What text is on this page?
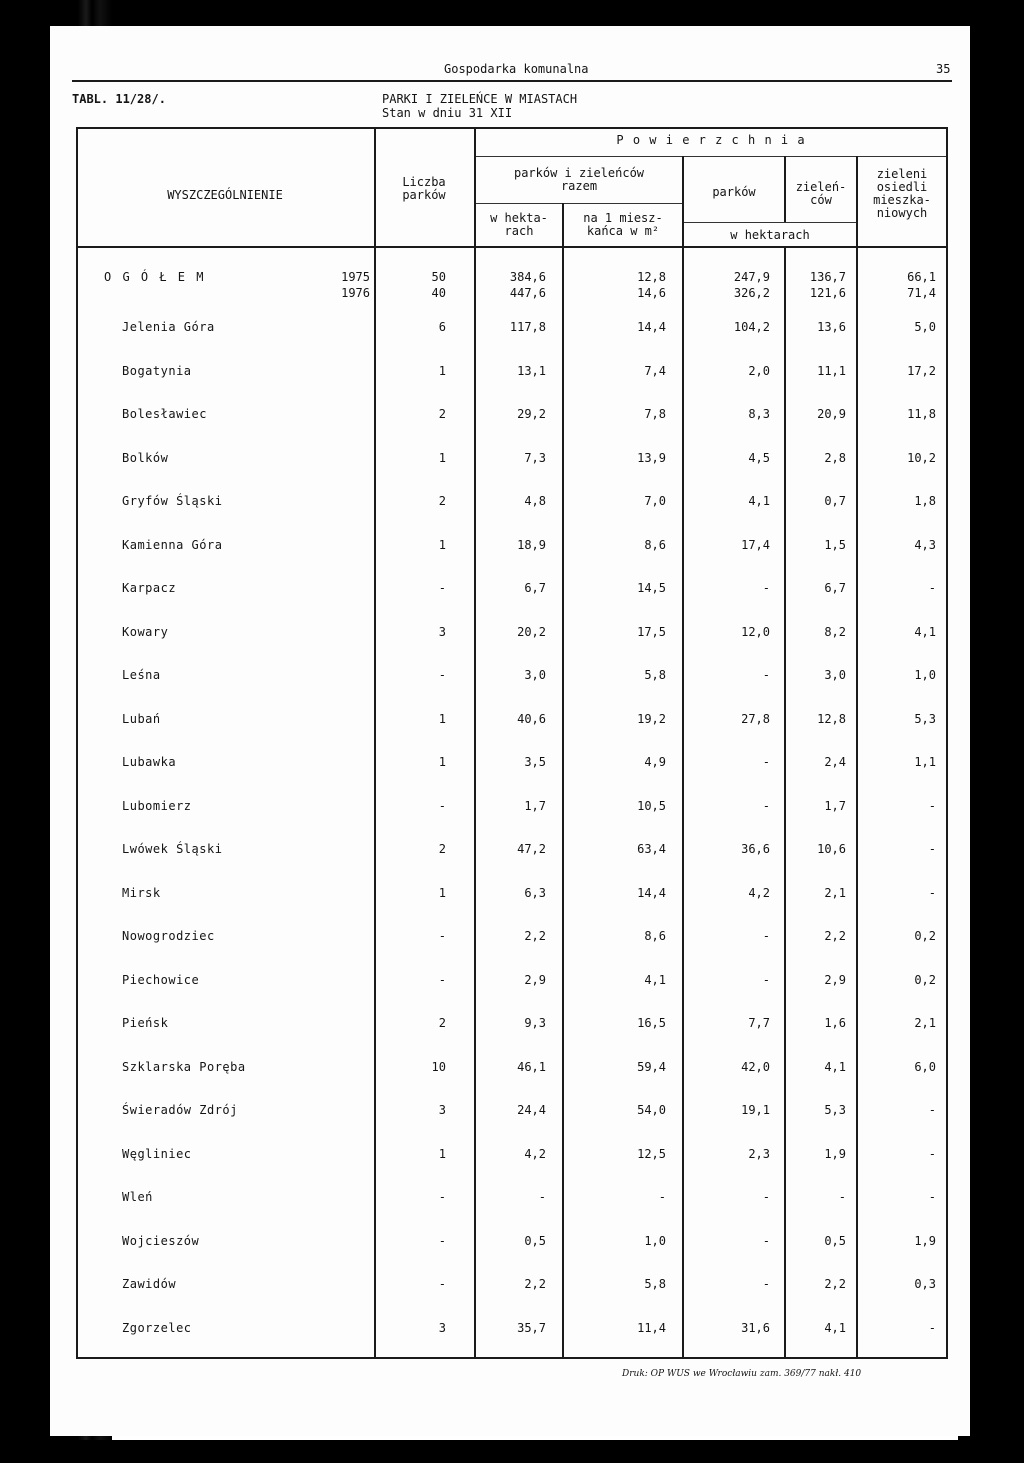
Gospodarka komunalna	35
TABL. 11/28/.	PARKI I ZIELEŃCE W MIASTACH
Stan w dniu 31 XII
WYSZCZEGÓLNIENIE
Liczba
parków
P o w i e r z c h n i a
parków i zieleńców
razem
w hekta-
rach
na 1 miesz-
kańca w m²
parków	zieleń-
ców
zieleni
osiedli
mieszka-
niowych
w hektarach
O G Ó Ł E M	1975	50	384,6	12,8	247,9	136,7	66,1
1976	40	447,6	14,6	326,2	121,6	71,4
Jelenia Góra	6	117,8	14,4	104,2	13,6	5,0
Bogatynia	1	13,1	7,4	2,0	11,1	17,2
Bolesławiec	2	29,2	7,8	8,3	20,9	11,8
Bolków	1	7,3	13,9	4,5	2,8	10,2
Gryfów Śląski	2	4,8	7,0	4,1	0,7	1,8
Kamienna Góra	1	18,9	8,6	17,4	1,5	4,3
Karpacz	-	6,7	14,5	-	6,7	-
Kowary	3	20,2	17,5	12,0	8,2	4,1
Leśna	-	3,0	5,8	-	3,0	1,0
Lubań	1	40,6	19,2	27,8	12,8	5,3
Lubawka	1	3,5	4,9	-	2,4	1,1
Lubomierz	-	1,7	10,5	-	1,7	-
Lwówek Śląski	2	47,2	63,4	36,6	10,6	-
Mirsk	1	6,3	14,4	4,2	2,1	-
Nowogrodziec	-	2,2	8,6	-	2,2	0,2
Piechowice	-	2,9	4,1	-	2,9	0,2
Pieńsk	2	9,3	16,5	7,7	1,6	2,1
Szklarska Poręba	10	46,1	59,4	42,0	4,1	6,0
Świeradów Zdrój	3	24,4	54,0	19,1	5,3	-
Węgliniec	1	4,2	12,5	2,3	1,9	-
Wleń	-	-	-	-	-	-
Wojcieszów	-	0,5	1,0	-	0,5	1,9
Zawidów	-	2,2	5,8	-	2,2	0,3
Zgorzelec	3	35,7	11,4	31,6	4,1	-
Druk: OP WUS we Wrocławiu zam. 369/77 nakł. 410
